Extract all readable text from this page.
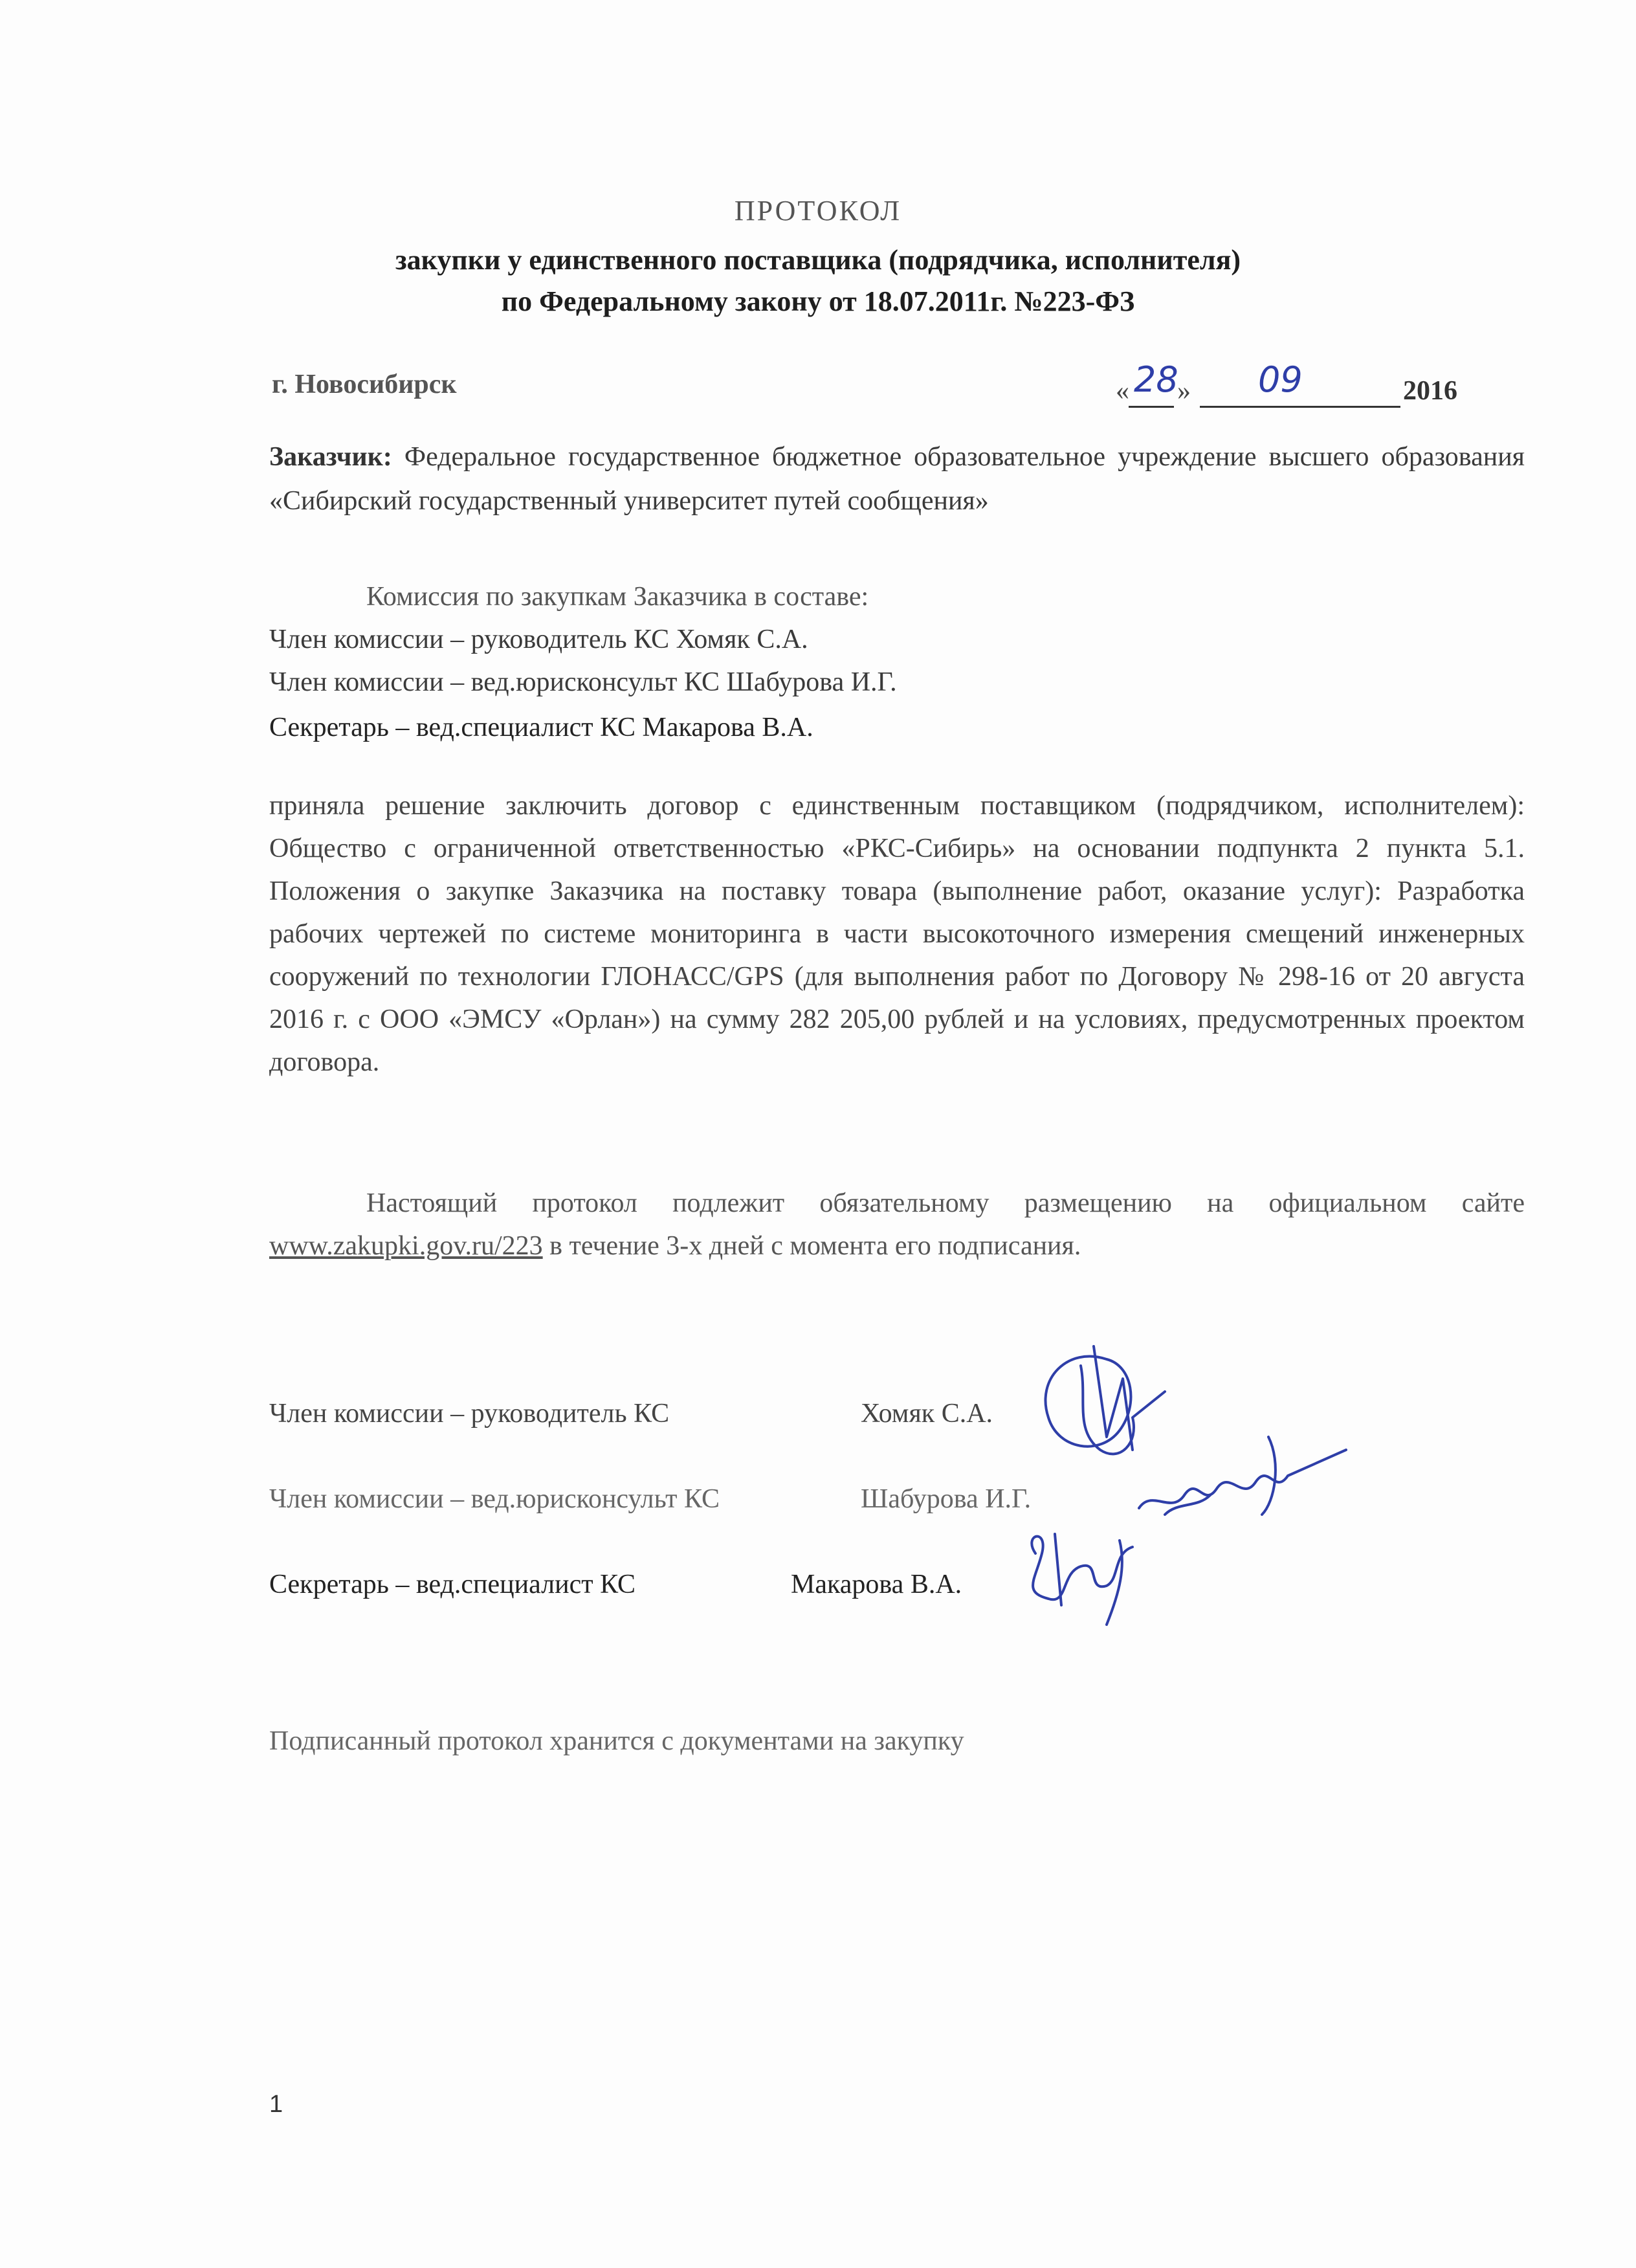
ПРОТОКОЛ
закупки у единственного поставщика (подрядчика, исполнителя)
по Федеральному закону от 18.07.2011г. №223-ФЗ
г. Новосибирск	« 28
» 09	2016
Заказчик: Федеральное государственное бюджетное образовательное учреждение высшего образования «Сибирский государственный университет путей сообщения»
Комиссия по закупкам Заказчика в составе:
Член комиссии – руководитель КС Хомяк С.А.
Член комиссии – вед.юрисконсульт КС Шабурова И.Г.
Секретарь – вед.специалист КС Макарова В.А.
приняла решение заключить договор с единственным поставщиком (подрядчиком, исполнителем): Общество с ограниченной ответственностью «РКС-Сибирь» на основании подпункта 2 пункта 5.1. Положения о закупке Заказчика на поставку товара (выполнение работ, оказание услуг): Разработка рабочих чертежей по системе мониторинга в части высокоточного измерения смещений инженерных сооружений по технологии ГЛОНАСС/GPS (для выполнения работ по Договору № 298-16 от 20 августа 2016 г. с ООО «ЭМСУ «Орлан») на сумму 282 205,00 рублей и на условиях, предусмотренных проектом договора.
Настоящий протокол подлежит обязательному размещению на официальном сайте www.zakupki.gov.ru/223 в течение 3-х дней с момента его подписания.
Член комиссии – руководитель КС	Хомяк С.А.
Член комиссии – вед.юрисконсульт КС	Шабурова И.Г.
Секретарь – вед.специалист КС	Макарова В.А.
Подписанный протокол хранится с документами на закупку
1
